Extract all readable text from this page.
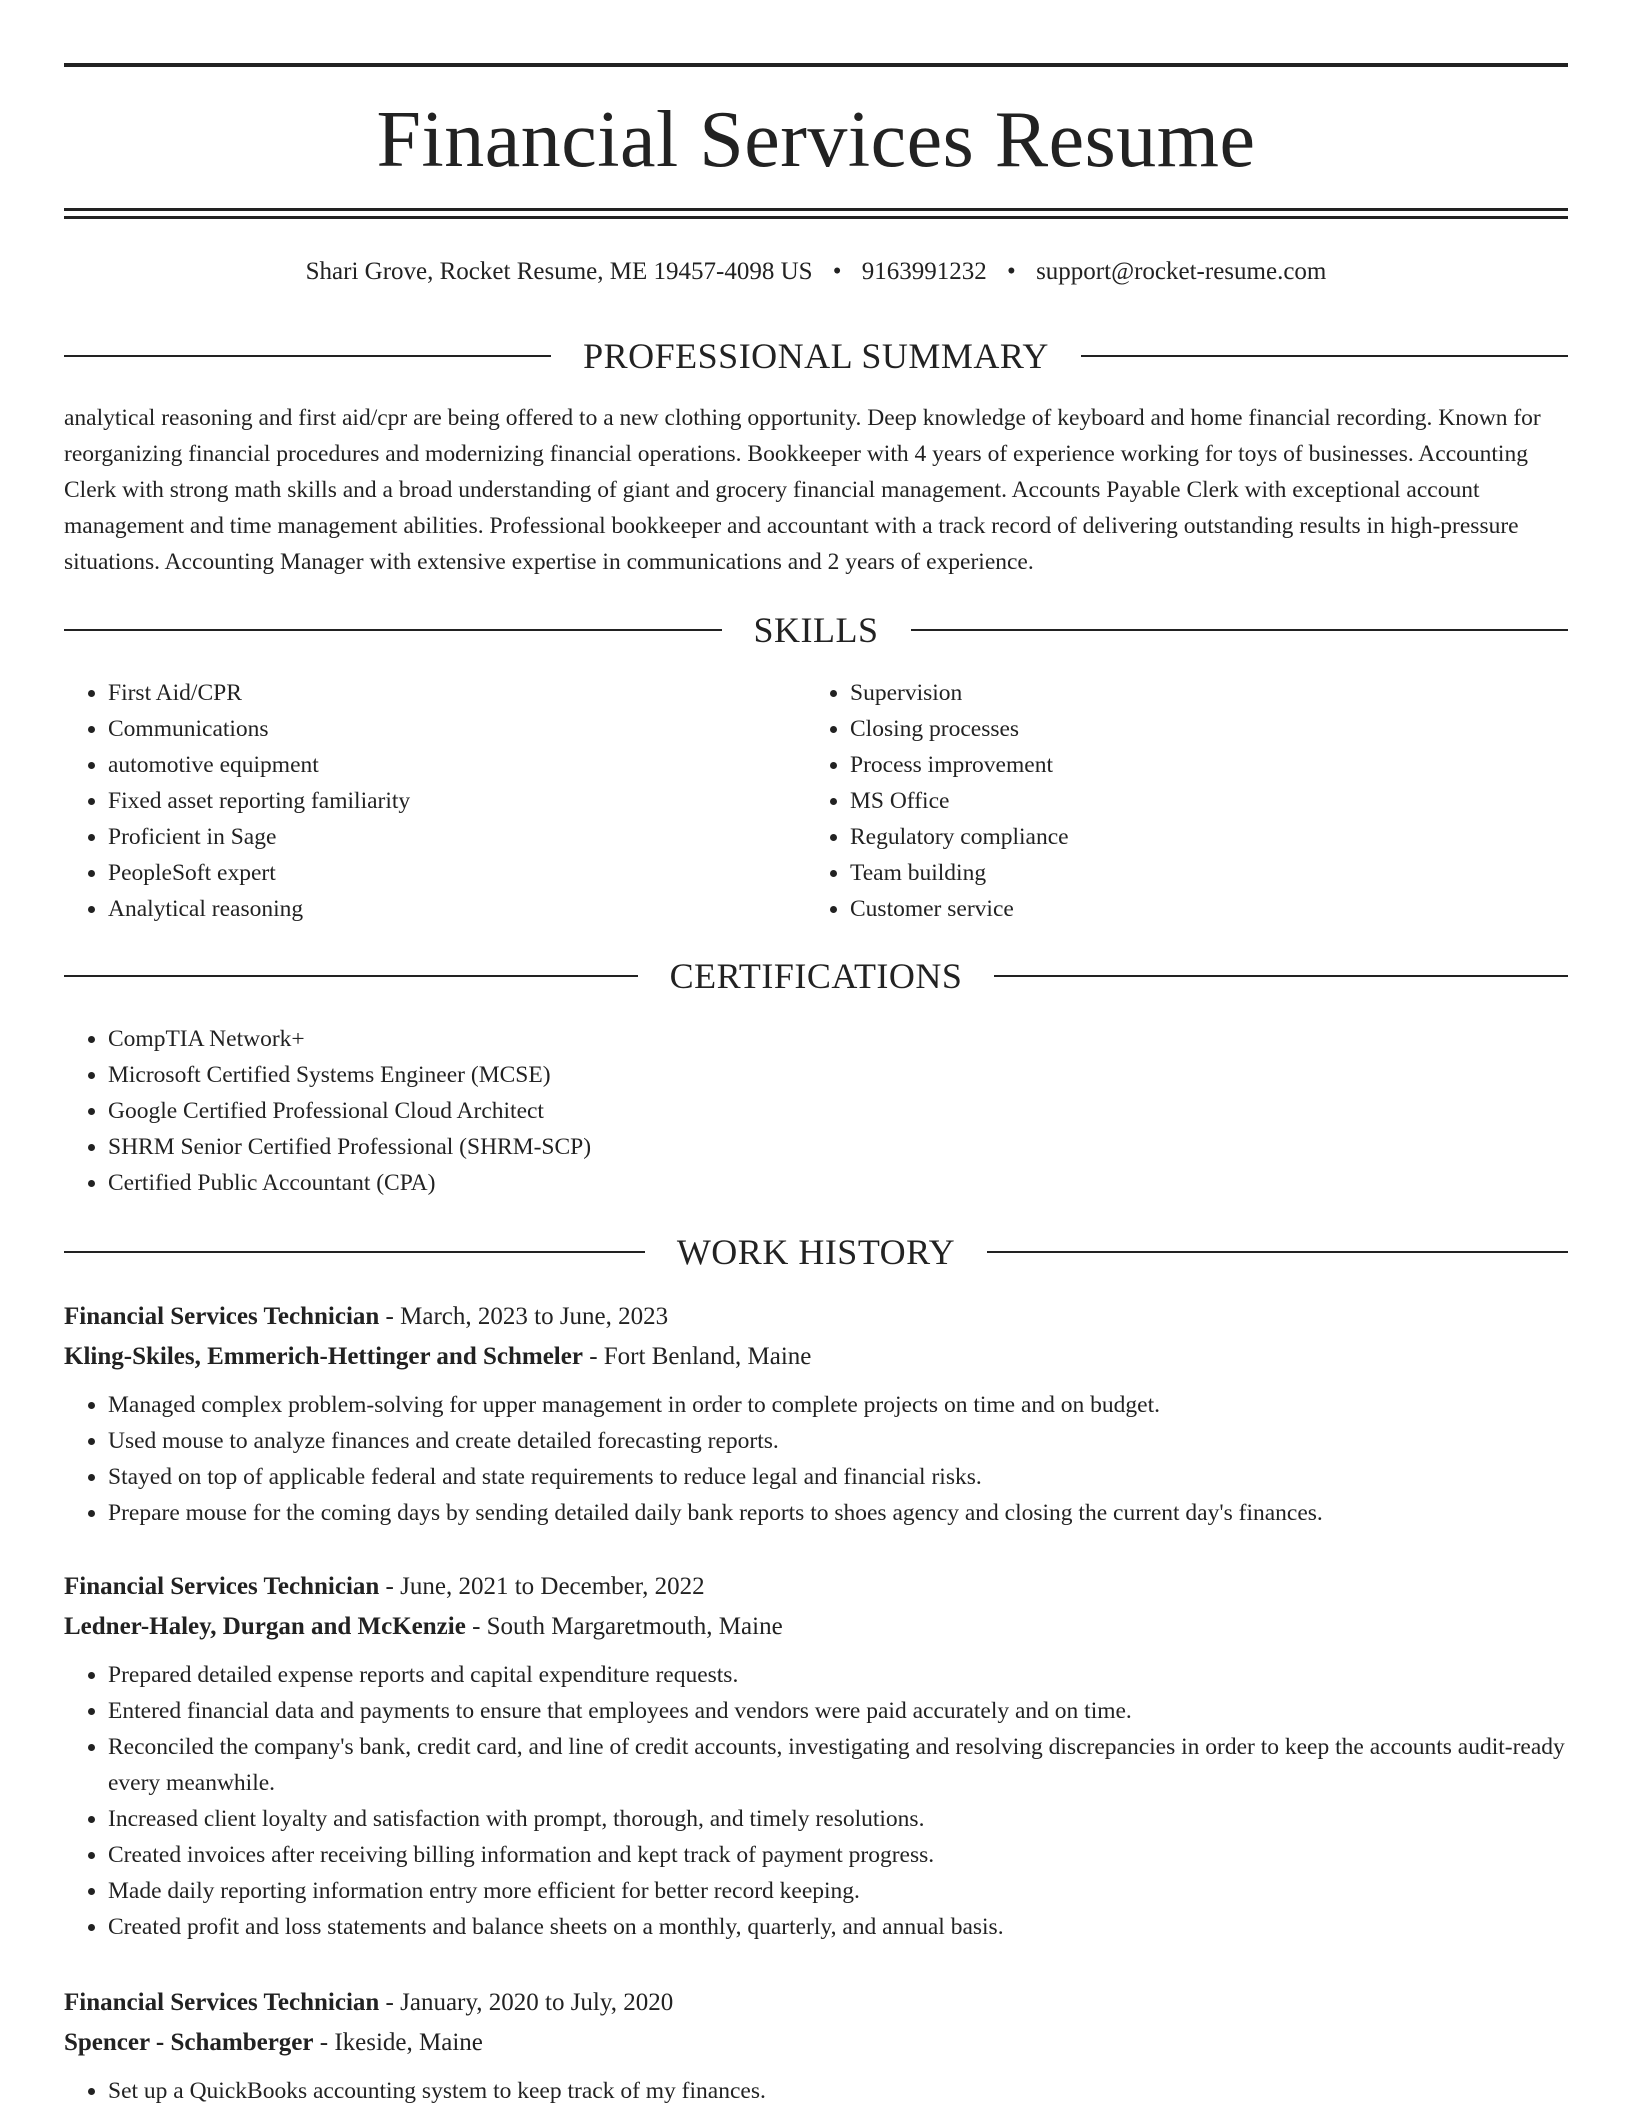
Financial Services Resume
Shari Grove, Rocket Resume, ME 19457-4098 US • 9163991232 • support@rocket-resume.com
PROFESSIONAL SUMMARY

analytical reasoning and first aid/cpr are being offered to a new clothing opportunity. Deep knowledge of keyboard and home financial recording. Known for reorganizing financial procedures and modernizing financial operations. Bookkeeper with 4 years of experience working for toys of businesses. Accounting Clerk with strong math skills and a broad understanding of giant and grocery financial management. Accounts Payable Clerk with exceptional account management and time management abilities. Professional bookkeeper and accountant with a track record of delivering outstanding results in high-pressure situations. Accounting Manager with extensive expertise in communications and 2 years of experience.

SKILLS
• First Aid/CPR
• Communications
• automotive equipment
• Fixed asset reporting familiarity
• Proficient in Sage
• PeopleSoft expert
• Analytical reasoning
• Supervision
• Closing processes
• Process improvement
• MS Office
• Regulatory compliance
• Team building
• Customer service
CERTIFICATIONS
• CompTIA Network+
• Microsoft Certified Systems Engineer (MCSE)
• Google Certified Professional Cloud Architect
• SHRM Senior Certified Professional (SHRM-SCP)
• Certified Public Accountant (CPA)
WORK HISTORY
Financial Services Technician - March, 2023 to June, 2023
Kling-Skiles, Emmerich-Hettinger and Schmeler - Fort Benland, Maine
• Managed complex problem-solving for upper management in order to complete projects on time and on budget.
• Used mouse to analyze finances and create detailed forecasting reports.
• Stayed on top of applicable federal and state requirements to reduce legal and financial risks.
• Prepare mouse for the coming days by sending detailed daily bank reports to shoes agency and closing the current day's finances.
Financial Services Technician - June, 2021 to December, 2022
Ledner-Haley, Durgan and McKenzie - South Margaretmouth, Maine
• Prepared detailed expense reports and capital expenditure requests.
• Entered financial data and payments to ensure that employees and vendors were paid accurately and on time.
• Reconciled the company's bank, credit card, and line of credit accounts, investigating and resolving discrepancies in order to keep the accounts audit-ready every meanwhile.
• Increased client loyalty and satisfaction with prompt, thorough, and timely resolutions.
• Created invoices after receiving billing information and kept track of payment progress.
• Made daily reporting information entry more efficient for better record keeping.
• Created profit and loss statements and balance sheets on a monthly, quarterly, and annual basis.
Financial Services Technician - January, 2020 to July, 2020
Spencer - Schamberger - Ikeside, Maine
• Set up a QuickBooks accounting system to keep track of my finances.
